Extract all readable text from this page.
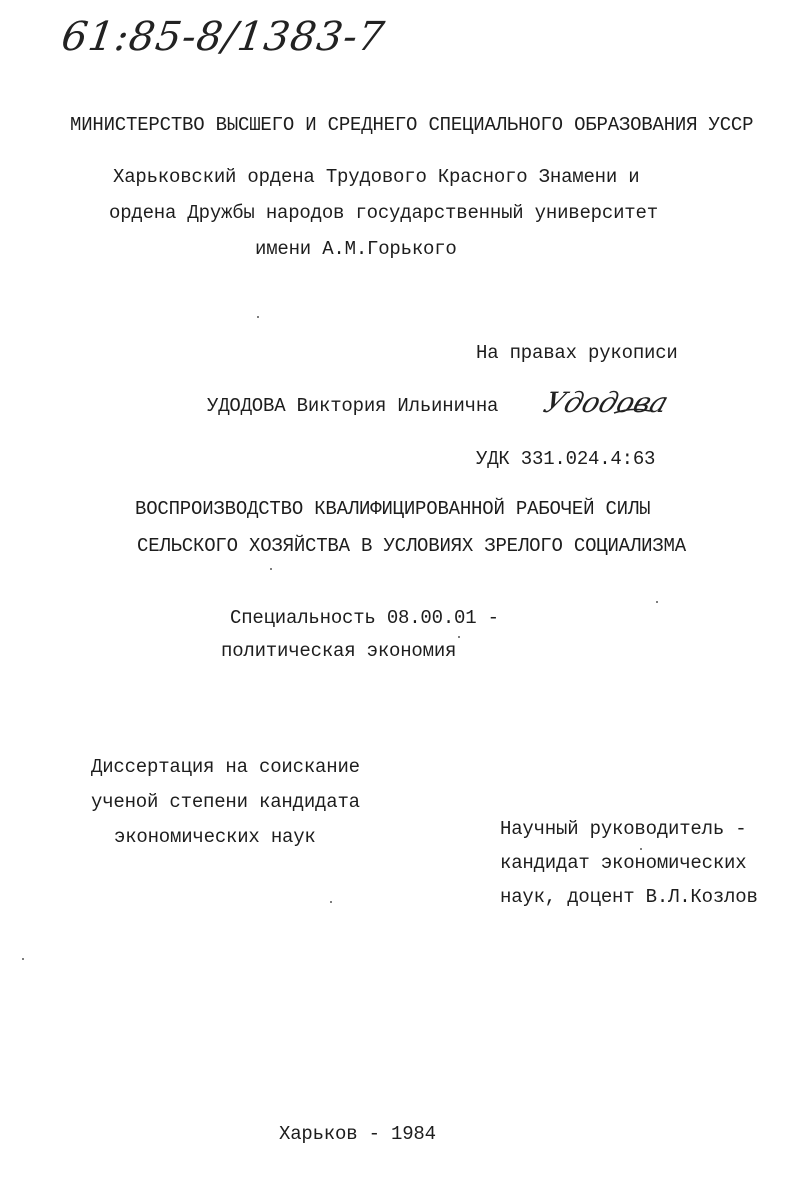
61:85-8/1383-7
МИНИСТЕРСТВО ВЫСШЕГО И СРЕДНЕГО СПЕЦИАЛЬНОГО ОБРАЗОВАНИЯ УССР
Харьковский ордена Трудового Красного Знамени и
ордена Дружбы народов государственный университет
имени А.М.Горького
На правах рукописи
УДОДОВА Виктория Ильинична Удодова
УДК 331.024.4:63
ВОСПРОИЗВОДСТВО КВАЛИФИЦИРОВАННОЙ РАБОЧЕЙ СИЛЫ
СЕЛЬСКОГО ХОЗЯЙСТВА В УСЛОВИЯХ ЗРЕЛОГО СОЦИАЛИЗМА
Специальность 08.00.01 -
политическая экономия
Диссертация на соискание
ученой степени кандидата
экономических наук	Научный руководитель -
кандидат экономических
наук, доцент В.Л.Козлов
Харьков - 1984
